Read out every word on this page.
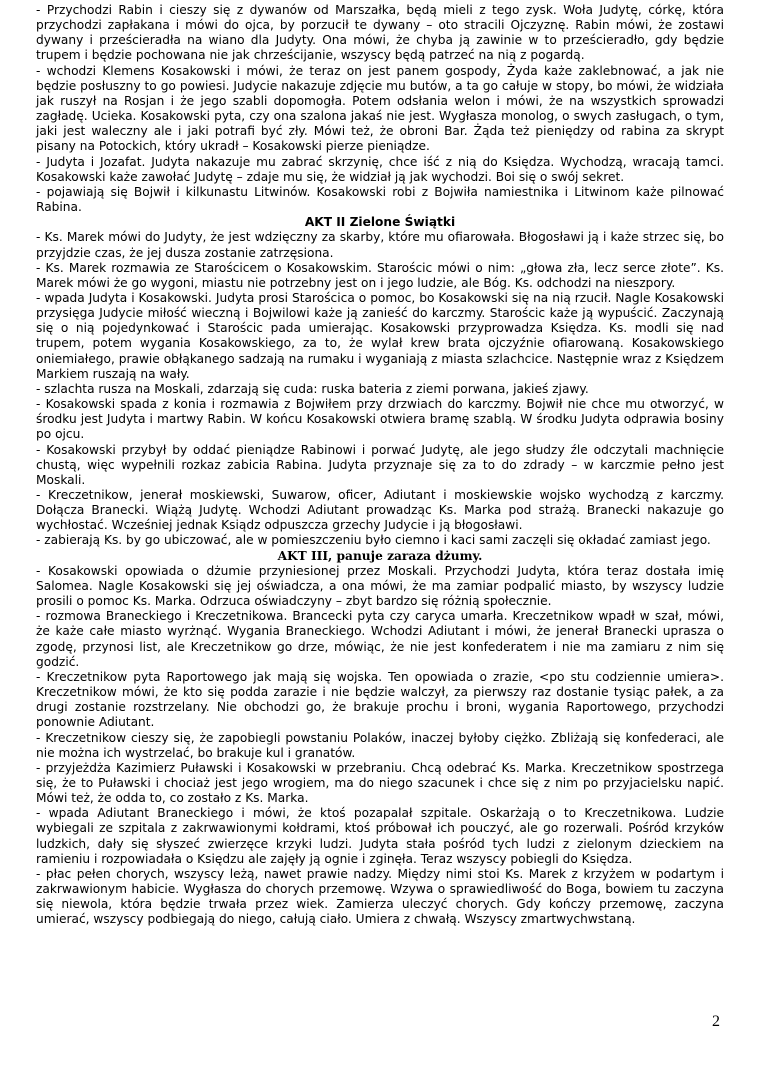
- Przychodzi Rabin i cieszy się z dywanów od Marszałka, będą mieli z tego zysk. Woła Judytę, córkę, która przychodzi zapłakana i mówi do ojca, by porzucił te dywany – oto stracili Ojczyznę. Rabin mówi, że zostawi dywany i prześcieradła na wiano dla Judyty. Ona mówi, że chyba ją zawinie w to prześcieradło, gdy będzie trupem i będzie pochowana nie jak chrześcijanie, wszyscy będą patrzeć na nią z pogardą.

- wchodzi Klemens Kosakowski i mówi, że teraz on jest panem gospody, Żyda każe zaklebnować, a jak nie będzie posłuszny to go powiesi. Judycie nakazuje zdjęcie mu butów, a ta go całuje w stopy, bo mówi, że widziała jak ruszył na Rosjan i że jego szabli dopomogła. Potem odsłania welon i mówi, że na wszystkich sprowadzi zagładę. Ucieka. Kosakowski pyta, czy ona szalona jakaś nie jest. Wygłasza monolog, o swych zasługach, o tym, jaki jest waleczny ale i jaki potrafi być zły. Mówi też, że obroni Bar. Żąda też pieniędzy od rabina za skrypt pisany na Potockich, który ukradł – Kosakowski pierze pieniądze.

- Judyta i Jozafat. Judyta nakazuje mu zabrać skrzynię, chce iść z nią do Księdza. Wychodzą, wracają tamci. Kosakowski każe zawołać Judytę – zdaje mu się, że widział ją jak wychodzi. Boi się o swój sekret.

- pojawiają się Bojwił i kilkunastu Litwinów. Kosakowski robi z Bojwiła namiestnika i Litwinom każe pilnować Rabina.

AKT II Zielone Świątki

- Ks. Marek mówi do Judyty, że jest wdzięczny za skarby, które mu ofiarowała. Błogosławi ją i każe strzec się, bo przyjdzie czas, że jej dusza zostanie zatrzęsiona.

- Ks. Marek rozmawia ze Starościcem o Kosakowskim. Starościc mówi o nim: „głowa zła, lecz serce złote”. Ks. Marek mówi że go wygoni, miastu nie potrzebny jest on i jego ludzie, ale Bóg. Ks. odchodzi na nieszpory.

- wpada Judyta i Kosakowski. Judyta prosi Starościca o pomoc, bo Kosakowski się na nią rzucił. Nagle Kosakowski przysięga Judycie miłość wieczną i Bojwilowi każe ją zanieść do karczmy. Starościc każe ją wypuścić. Zaczynają się o nią pojedynkować i Starościc pada umierając. Kosakowski przyprowadza Księdza. Ks. modli się nad trupem, potem wygania Kosakowskiego, za to, że wylał krew brata ojczyźnie ofiarowaną. Kosakowskiego oniemiałego, prawie obłąkanego sadzają na rumaku i wyganiają z miasta szlachcice. Następnie wraz z Księdzem Markiem ruszają na wały.

- szlachta rusza na Moskali, zdarzają się cuda: ruska bateria z ziemi porwana, jakieś zjawy.

- Kosakowski spada z konia i rozmawia z Bojwiłem przy drzwiach do karczmy. Bojwił nie chce mu otworzyć, w środku jest Judyta i martwy Rabin. W końcu Kosakowski otwiera bramę szablą. W środku Judyta odprawia bosiny po ojcu.

- Kosakowski przybył by oddać pieniądze Rabinowi i porwać Judytę, ale jego słudzy źle odczytali machnięcie chustą, więc wypełnili rozkaz zabicia Rabina. Judyta przyznaje się za to do zdrady – w karczmie pełno jest Moskali.

- Kreczetnikow, jenerał moskiewski, Suwarow, oficer, Adiutant i moskiewskie wojsko wychodzą z karczmy. Dołącza Branecki. Wiążą Judytę. Wchodzi Adiutant prowadząc Ks. Marka pod strażą. Branecki nakazuje go wychłostać. Wcześniej jednak Ksiądz odpuszcza grzechy Judycie i ją błogosławi.

- zabierają Ks. by go ubiczować, ale w pomieszczeniu było ciemno i kaci sami zaczęli się okładać zamiast jego.

AKT III, panuje zaraza dżumy.

- Kosakowski opowiada o dżumie przyniesionej przez Moskali. Przychodzi Judyta, która teraz dostała imię Salomea. Nagle Kosakowski się jej oświadcza, a ona mówi, że ma zamiar podpalić miasto, by wszyscy ludzie prosili o pomoc Ks. Marka. Odrzuca oświadczyny – zbyt bardzo się różnią społecznie.

- rozmowa Braneckiego i Kreczetnikowa. Brancecki pyta czy caryca umarła. Kreczetnikow wpadł w szał, mówi, że każe całe miasto wyrżnąć. Wygania Braneckiego. Wchodzi Adiutant i mówi, że jenerał Branecki uprasza o zgodę, przynosi list, ale Kreczetnikow go drze, mówiąc, że nie jest konfederatem i nie ma zamiaru z nim się godzić.

- Kreczetnikow pyta Raportowego jak mają się wojska. Ten opowiada o zrazie, <po stu codziennie umiera>. Kreczetnikow mówi, że kto się podda zarazie i nie będzie walczył, za pierwszy raz dostanie tysiąc pałek, a za drugi zostanie rozstrzelany. Nie obchodzi go, że brakuje prochu i broni, wygania Raportowego, przychodzi ponownie Adiutant.

- Kreczetnikow cieszy się, że zapobiegli powstaniu Polaków, inaczej byłoby ciężko. Zbliżają się konfederaci, ale nie można ich wystrzelać, bo brakuje kul i granatów.

- przyjeżdża Kazimierz Puławski i Kosakowski w przebraniu. Chcą odebrać Ks. Marka. Kreczetnikow spostrzega się, że to Puławski i chociaż jest jego wrogiem, ma do niego szacunek i chce się z nim po przyjacielsku napić. Mówi też, że odda to, co zostało z Ks. Marka.

- wpada Adiutant Braneckiego i mówi, że ktoś pozapalał szpitale. Oskarżają o to Kreczetnikowa. Ludzie wybiegali ze szpitala z zakrwawionymi kołdrami, ktoś próbował ich pouczyć, ale go rozerwali. Pośród krzyków ludzkich, dały się słyszeć zwierzęce krzyki ludzi. Judyta stała pośród tych ludzi z zielonym dzieckiem na ramieniu i rozpowiadała o Księdzu ale zajęły ją ognie i zginęła. Teraz wszyscy pobiegli do Księdza.

- płac pełen chorych, wszyscy leżą, nawet prawie nadzy. Między nimi stoi Ks. Marek z krzyżem w podartym i zakrwawionym habicie. Wygłasza do chorych przemowę. Wzywa o sprawiedliwość do Boga, bowiem tu zaczyna się niewola, która będzie trwała przez wiek. Zamierza uleczyć chorych. Gdy kończy przemowę, zaczyna umierać, wszyscy podbiegają do niego, całują ciało. Umiera z chwałą. Wszyscy zmartwychwstaną.

2
